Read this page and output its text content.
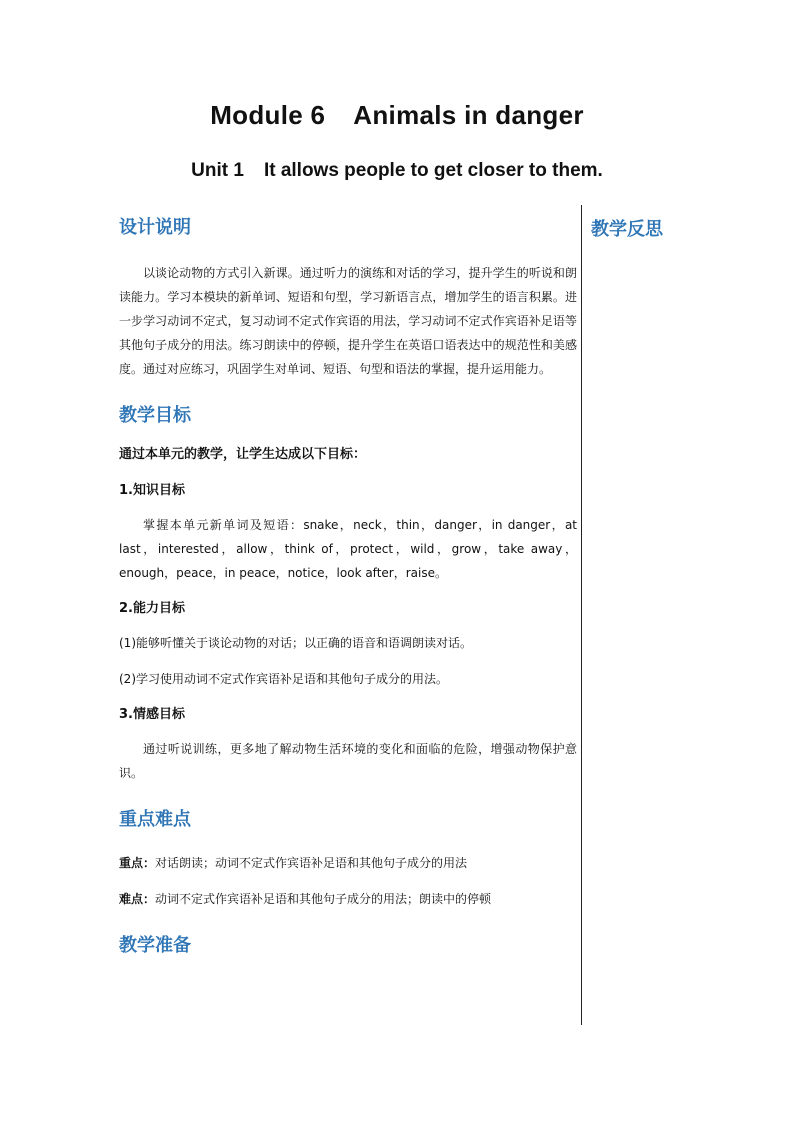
Module 6 Animals in danger
Unit 1 It allows people to get closer to them.
教学反思

设计说明

以谈论动物的方式引入新课。通过听力的演练和对话的学习，提升学生的听说和朗读能力。学习本模块的新单词、短语和句型，学习新语言点，增加学生的语言积累。进一步学习动词不定式，复习动词不定式作宾语的用法，学习动词不定式作宾语补足语等其他句子成分的用法。练习朗读中的停顿，提升学生在英语口语表达中的规范性和美感度。通过对应练习，巩固学生对单词、短语、句型和语法的掌握，提升运用能力。

教学目标

通过本单元的教学，让学生达成以下目标：

1.知识目标

掌握本单元新单词及短语：snake，neck，thin，danger，in danger，at last，interested，allow，think of，protect，wild，grow，take away，enough，peace，in peace，notice，look after，raise。

2.能力目标

(1)能够听懂关于谈论动物的对话；以正确的语音和语调朗读对话。

(2)学习使用动词不定式作宾语补足语和其他句子成分的用法。

3.情感目标

通过听说训练，更多地了解动物生活环境的变化和面临的危险，增强动物保护意识。

重点难点

重点：对话朗读；动词不定式作宾语补足语和其他句子成分的用法

难点：动词不定式作宾语补足语和其他句子成分的用法；朗读中的停顿

教学准备
